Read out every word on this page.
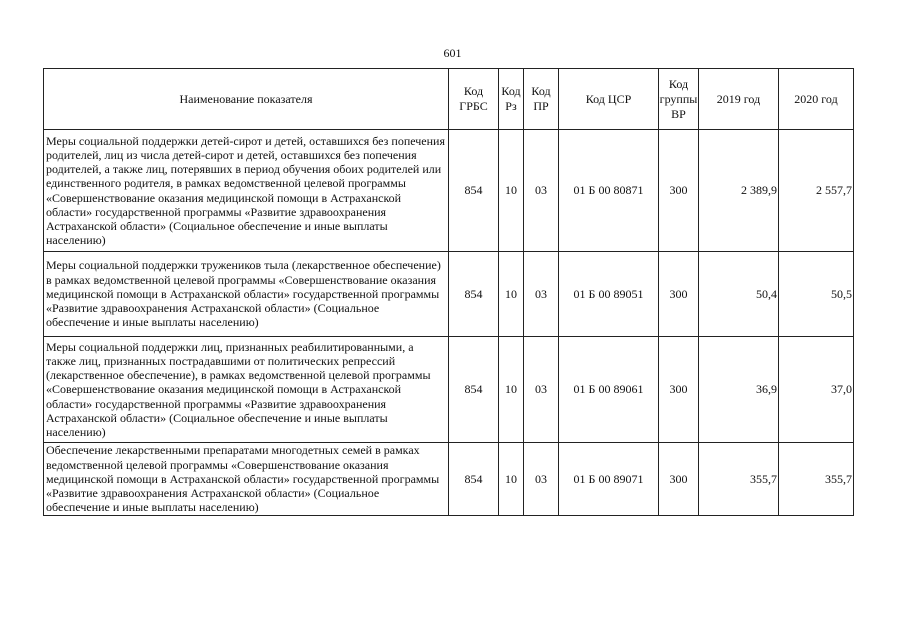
601
Наименование показателя	Код ГРБС	Код Рз	Код ПР	Код ЦСР	Код группы ВР	2019 год	2020 год
Меры социальной поддержки детей-сирот и детей, оставшихся без попечения родителей, лиц из числа детей-сирот и детей, оставшихся без попечения родителей, а также лиц, потерявших в период обучения обоих родителей или единственного родителя, в рамках ведомственной целевой программы «Совершенствование оказания медицинской помощи в Астраханской области» государственной программы «Развитие здравоохранения Астраханской области» (Социальное обеспечение и иные выплаты населению)	854	10	03	01 Б 00 80871	300	2 389,9	2 557,7
Меры социальной поддержки тружеников тыла (лекарственное обеспечение) в рамках ведомственной целевой программы «Совершенствование оказания медицинской помощи в Астраханской области» государственной программы «Развитие здравоохранения Астраханской области» (Социальное обеспечение и иные выплаты населению)	854	10	03	01 Б 00 89051	300	50,4	50,5
Меры социальной поддержки лиц, признанных реабилитированными, а также лиц, признанных пострадавшими от политических репрессий (лекарственное обеспечение), в рамках ведомственной целевой программы «Совершенствование оказания медицинской помощи в Астраханской области» государственной программы «Развитие здравоохранения Астраханской области» (Социальное обеспечение и иные выплаты населению)	854	10	03	01 Б 00 89061	300	36,9	37,0
Обеспечение лекарственными препаратами многодетных семей в рамках ведомственной целевой программы «Совершенствование оказания медицинской помощи в Астраханской области» государственной программы «Развитие здравоохранения Астраханской области» (Социальное обеспечение и иные выплаты населению)	854	10	03	01 Б 00 89071	300	355,7	355,7
